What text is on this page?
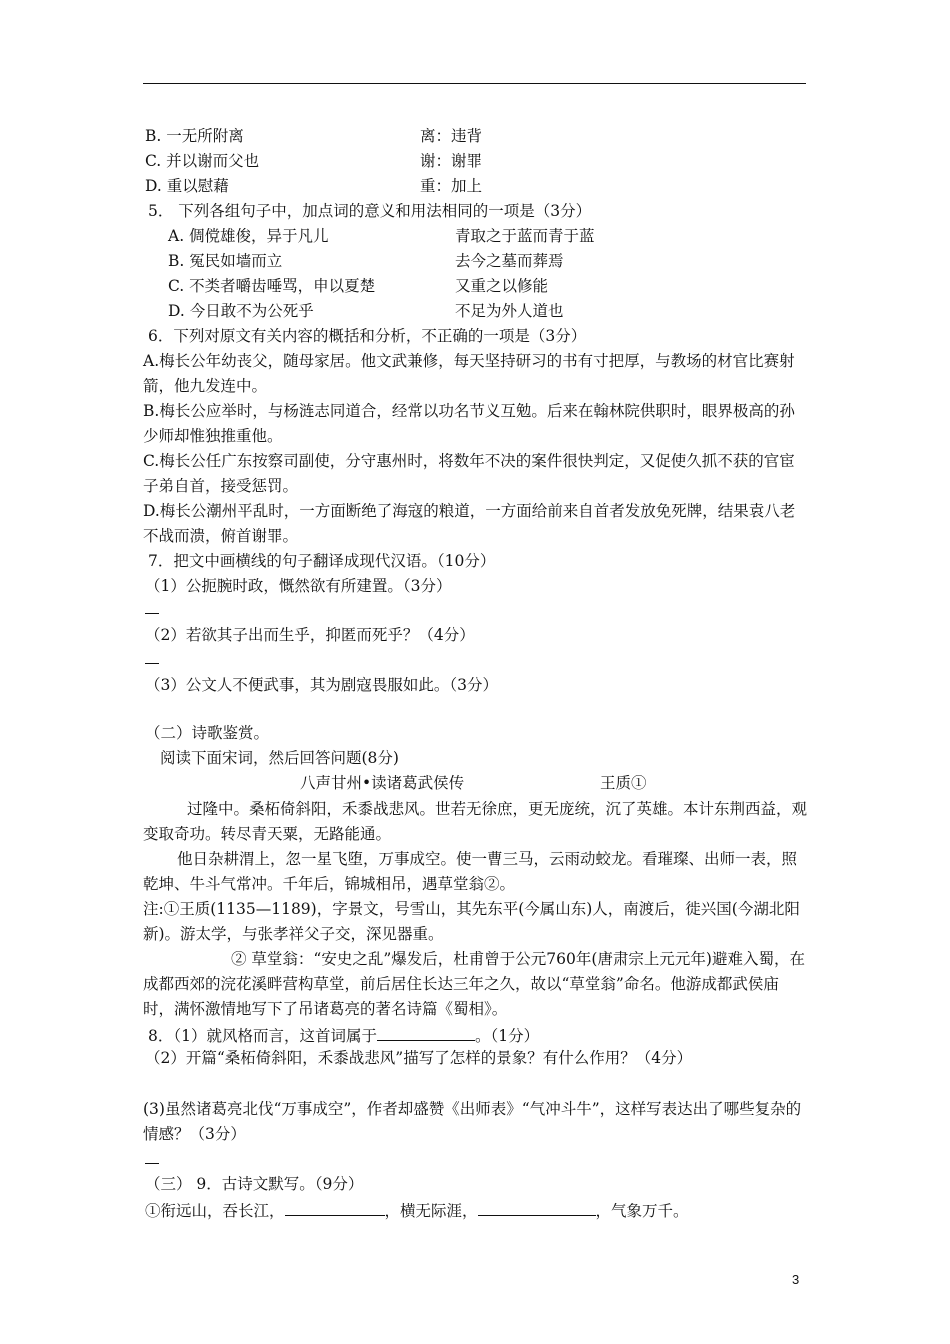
B. 一无所附离	离：违背
C. 并以谢而父也	谢：谢罪
D. 重以慰藉	重：加上
5． 下列各组句子中，加点词的意义和用法相同的一项是（3分）
A. 倜傥雄俊，异于凡儿	青取之于蓝而青于蓝
B. 冤民如墙而立	去今之墓而葬焉
C. 不类者嚼齿唾骂，申以夏楚	又重之以修能
D. 今日敢不为公死乎	不足为外人道也
6．下列对原文有关内容的概括和分析，不正确的一项是（3分）
A.梅长公年幼丧父，随母家居。他文武兼修，每天坚持研习的书有寸把厚，与教场的材官比赛射箭，他九发连中。
B.梅长公应举时，与杨涟志同道合，经常以功名节义互勉。后来在翰林院供职时，眼界极高的孙少师却惟独推重他。
C.梅长公任广东按察司副使，分守惠州时，将数年不决的案件很快判定，又促使久抓不获的官宦子弟自首，接受惩罚。
D.梅长公潮州平乱时，一方面断绝了海寇的粮道，一方面给前来自首者发放免死牌，结果袁八老不战而溃，俯首谢罪。
7．把文中画横线的句子翻译成现代汉语。（10分）
（1）公扼腕时政，慨然欲有所建置。（3分）
（2）若欲其子出而生乎，抑匿而死乎？（4分）
（3）公文人不便武事，其为剧寇畏服如此。（3分）
（二）诗歌鉴赏。
阅读下面宋词，然后回答问题(8分)
八声甘州•读诸葛武侯传	王质①
过隆中。桑柘倚斜阳，禾黍战悲风。世若无徐庶，更无庞统，沉了英雄。本计东荆西益，观变取奇功。转尽青天粟，无路能通。
他日杂耕渭上，忽一星飞堕，万事成空。使一曹三马，云雨动蛟龙。看璀璨、出师一表，照乾坤、牛斗气常冲。千年后，锦城相吊，遇草堂翁②。
注:①王质(1135—1189)，字景文，号雪山，其先东平(今属山东)人，南渡后，徙兴国(今湖北阳新)。游太学，与张孝祥父子交，深见器重。
② 草堂翁：“安史之乱”爆发后，杜甫曾于公元760年(唐肃宗上元元年)避难入蜀，在成都西郊的浣花溪畔营构草堂，前后居住长达三年之久，故以“草堂翁”命名。他游成都武侯庙时，满怀激情地写下了吊诸葛亮的著名诗篇《蜀相》。
8．（1）就风格而言，这首词属于	。（1分）
（2）开篇“桑柘倚斜阳，禾黍战悲风”描写了怎样的景象？有什么作用？（4分）
(3)虽然诸葛亮北伐“万事成空”，作者却盛赞《出师表》“气冲斗牛”，这样写表达出了哪些复杂的情感？（3分）
（三） 9．古诗文默写。（9分）
①衔远山，吞长江，	，横无际涯，	，气象万千。
3
